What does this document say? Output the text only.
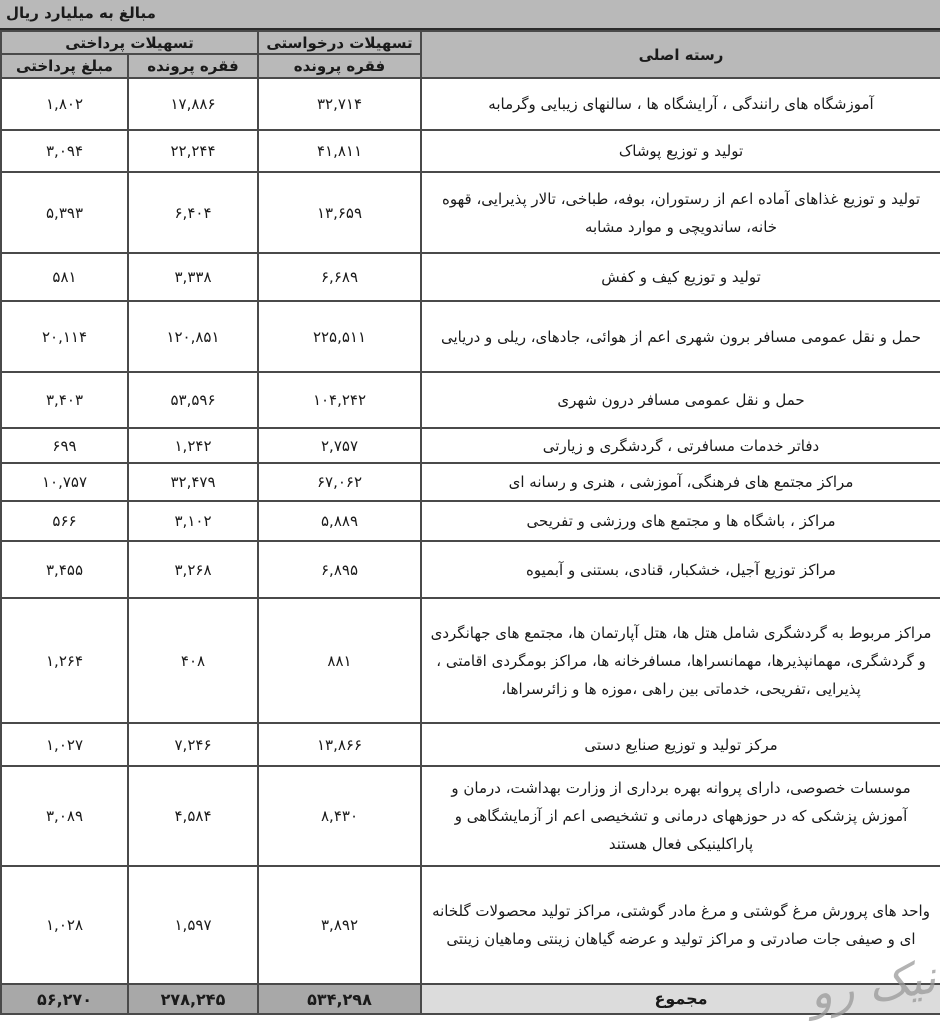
مبالغ به میلیارد ریال
تسهیلات پرداختی		تسهیلات درخواستی	رسته اصلی
مبلغ پرداختی	فقره پرونده	فقره پرونده	
۱,۸۰۲	۱۷,۸۸۶	۳۲,۷۱۴	آموزشگاه های رانندگی ، آرایشگاه ها ، سالنهای زیبایی وگرمابه
۳,۰۹۴	۲۲,۲۴۴	۴۱,۸۱۱	تولید و توزیع پوشاک
۵,۳۹۳	۶,۴۰۴	۱۳,۶۵۹	تولید و توزیع غذاهای آماده اعم از رستوران، بوفه، طباخی، تالار پذیرایی، قهوه خانه، ساندویچی و موارد مشابه
۵۸۱	۳,۳۳۸	۶,۶۸۹	تولید و توزیع کیف و کفش
۲۰,۱۱۴	۱۲۰,۸۵۱	۲۲۵,۵۱۱	حمل و نقل عمومی مسافر برون شهری اعم از هوائی، جادهای، ریلی و دریایی
۳,۴۰۳	۵۳,۵۹۶	۱۰۴,۲۴۲	حمل و نقل عمومی مسافر درون شهری
۶۹۹	۱,۲۴۲	۲,۷۵۷	دفاتر خدمات مسافرتی ، گردشگری و زیارتی
۱۰,۷۵۷	۳۲,۴۷۹	۶۷,۰۶۲	مراکز مجتمع های فرهنگی، آموزشی ، هنری و رسانه ای
۵۶۶	۳,۱۰۲	۵,۸۸۹	مراکز ، باشگاه ها و مجتمع های ورزشی و تفریحی
۳,۴۵۵	۳,۲۶۸	۶,۸۹۵	مراکز توزیع آجیل، خشکبار، قنادی، بستنی و آبمیوه
۱,۲۶۴	۴۰۸	۸۸۱	مراکز مربوط به گردشگری شامل هتل ها، هتل آپارتمان ها، مجتمع های جهانگردی و گردشگری، مهمانپذیرها، مهمانسراها، مسافرخانه ها، مراکز بومگردی اقامتی ، پذیرایی ،تفریحی، خدماتی بین راهی ،موزه ها و زائرسراها،
۱,۰۲۷	۷,۲۴۶	۱۳,۸۶۶	مرکز تولید و توزیع صنایع دستی
۳,۰۸۹	۴,۵۸۴	۸,۴۳۰	موسسات خصوصی، دارای پروانه بهره برداری از وزارت بهداشت، درمان و آموزش پزشکی که در حوزههای درمانی و تشخیصی اعم از آزمایشگاهی و پاراکلینیکی فعال هستند
۱,۰۲۸	۱,۵۹۷	۳,۸۹۲	واحد های پرورش مرغ گوشتی و مرغ مادر گوشتی، مراکز تولید محصولات گلخانه ای و صیفی جات صادرتی و مراکز تولید و عرضه گیاهان زینتی وماهیان زینتی
۵۶,۲۷۰	۲۷۸,۲۴۵	۵۳۴,۲۹۸	مجموع نیک رو
